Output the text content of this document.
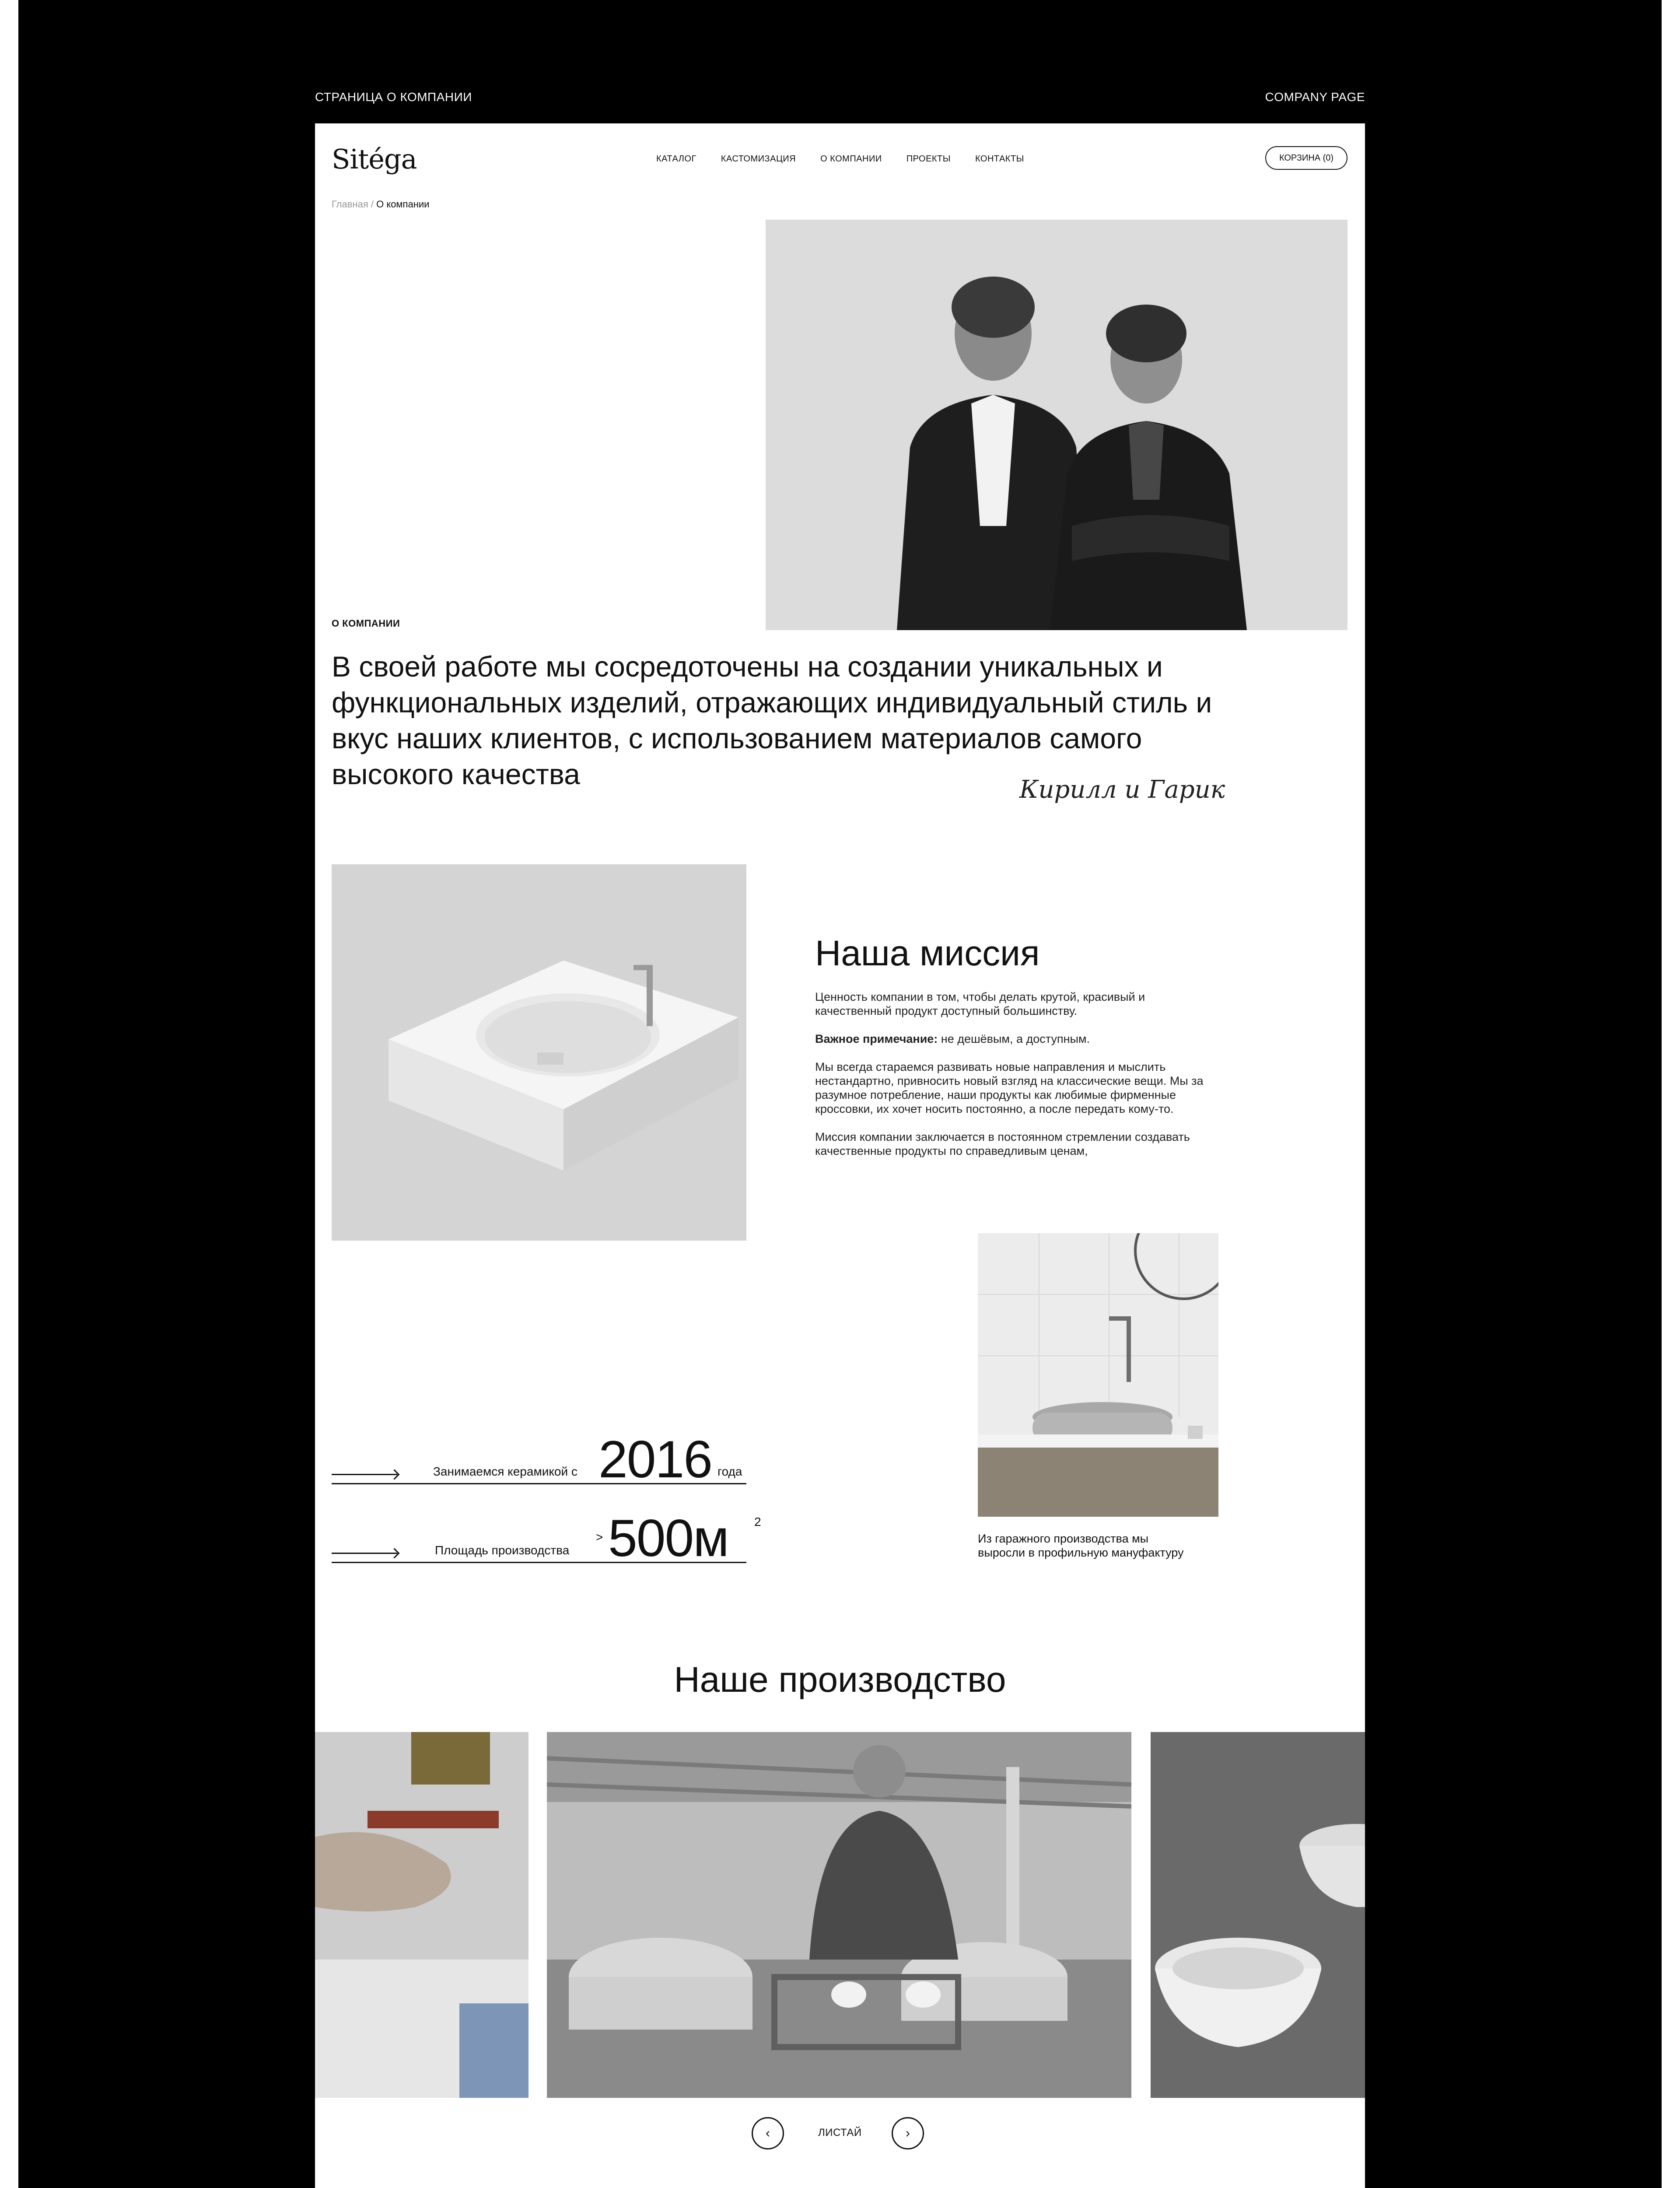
СТРАНИЦА О КОМПАНИИ	COMPANY PAGE
Sitéga	КАТАЛОГ	КАСТОМИЗАЦИЯ	О КОМПАНИИ	ПРОЕКТЫ	КОНТАКТЫ	КОРЗИНА (0)
Главная / О компании
О КОМПАНИИ
В своей работе мы сосредоточены на создании уникальных и функциональных изделий, отражающих индивидуальный стиль и вкус наших клиентов, с использованием материалов самого высокого качества	Кирилл и Гарик
Наша миссия

Ценность компании в том, чтобы делать крутой, красивый и качественный продукт доступный большинству.

Важное примечание: не дешёвым, а доступным.

Мы всегда стараемся развивать новые направления и мыслить нестандартно, привносить новый взгляд на классические вещи. Мы за разумное потребление, наши продукты как любимые фирменные кроссовки, их хочет носить постоянно, а после передать кому-то.

Миссия компании заключается в постоянном стремлении создавать качественные продукты по справедливым ценам,

Занимаемся керамикой с 2016 года
Площадь производства
> 500м 2
Из гаражного производства мы выросли в профильную мануфактуру
Наше производство
‹	ЛИСТАЙ	›
